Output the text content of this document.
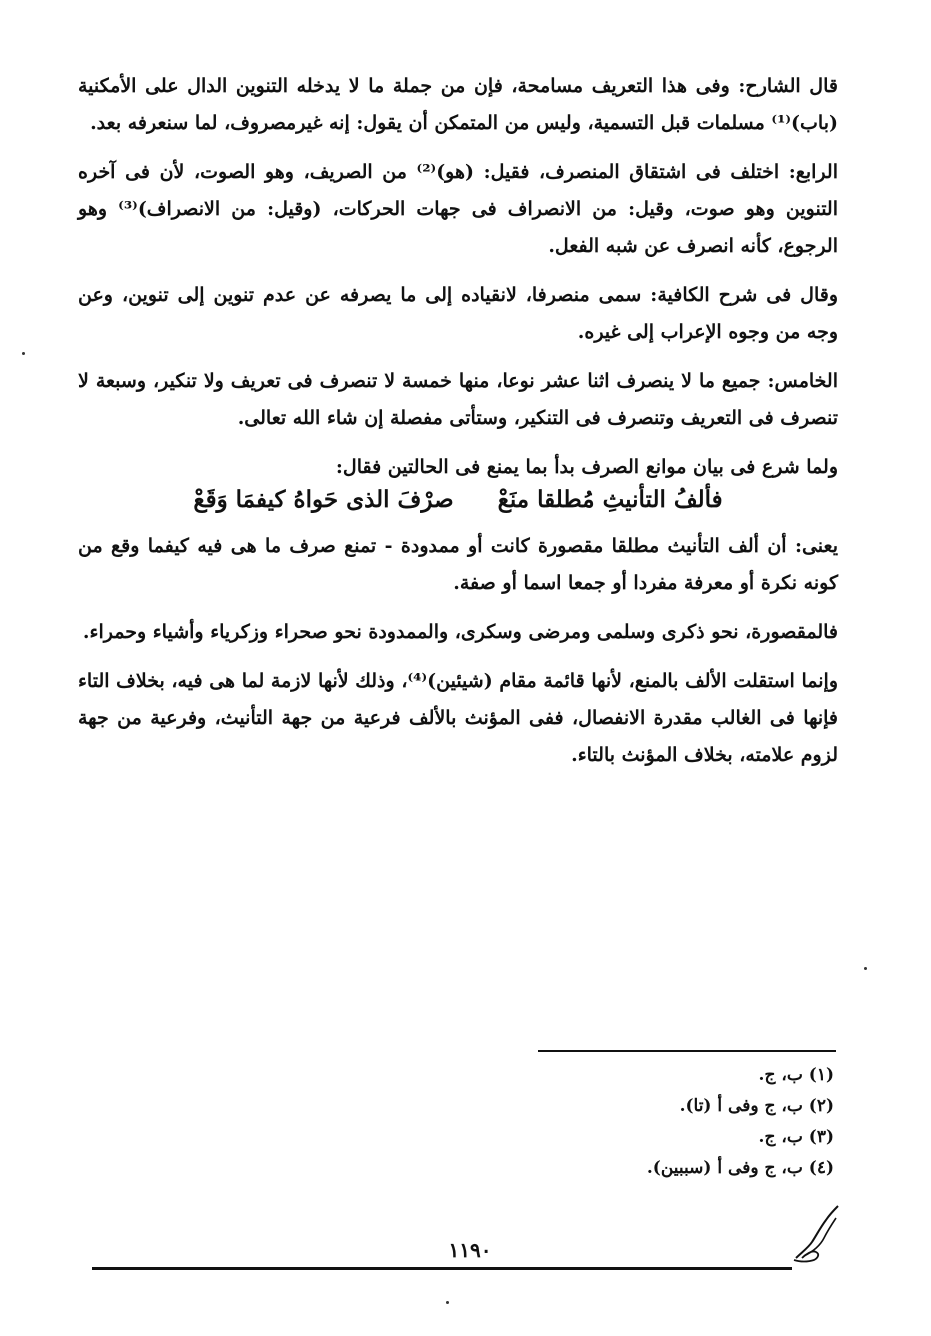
قال الشارح: وفى هذا التعريف مسامحة، فإن من جملة ما لا يدخله التنوين الدال على الأمكنية (باب)⁽¹⁾ مسلمات قبل التسمية، وليس من المتمكن أن يقول: إنه غيرمصروف، لما سنعرفه بعد.

الرابع: اختلف فى اشتقاق المنصرف، فقيل: (هو)⁽²⁾ من الصريف، وهو الصوت، لأن فى آخره التنوين وهو صوت، وقيل: من الانصراف فى جهات الحركات، (وقيل: من الانصراف)⁽³⁾ وهو الرجوع، كأنه انصرف عن شبه الفعل.

وقال فى شرح الكافية: سمى منصرفا، لانقياده إلى ما يصرفه عن عدم تنوين إلى تنوين، وعن وجه من وجوه الإعراب إلى غيره.

الخامس: جميع ما لا ينصرف اثنا عشر نوعا، منها خمسة لا تنصرف فى تعريف ولا تنكير، وسبعة لا تنصرف فى التعريف وتنصرف فى التنكير، وستأتى مفصلة إن شاء الله تعالى.

ولما شرع فى بيان موانع الصرف بدأ بما يمنع فى الحالتين فقال:

فألفُ التأنيثِ مُطلقا منَعْ
صرْفَ الذى حَواهُ كيفمَا وَقَعْ

يعنى: أن ألف التأنيث مطلقا مقصورة كانت أو ممدودة - تمنع صرف ما هى فيه كيفما وقع من كونه نكرة أو معرفة مفردا أو جمعا اسما أو صفة.

فالمقصورة، نحو ذكرى وسلمى ومرضى وسكرى، والممدودة نحو صحراء وزكرياء وأشياء وحمراء.

وإنما استقلت الألف بالمنع، لأنها قائمة مقام (شيئين)⁽⁴⁾، وذلك لأنها لازمة لما هى فيه، بخلاف التاء فإنها فى الغالب مقدرة الانفصال، ففى المؤنث بالألف فرعية من جهة التأنيث، وفرعية من جهة لزوم علامته، بخلاف المؤنث بالتاء.

(١) ب، ج.
(٢) ب، ج وفى أ (تا).
(٣) ب، ج.
(٤) ب، ج وفى أ (سببين).
١١٩٠
